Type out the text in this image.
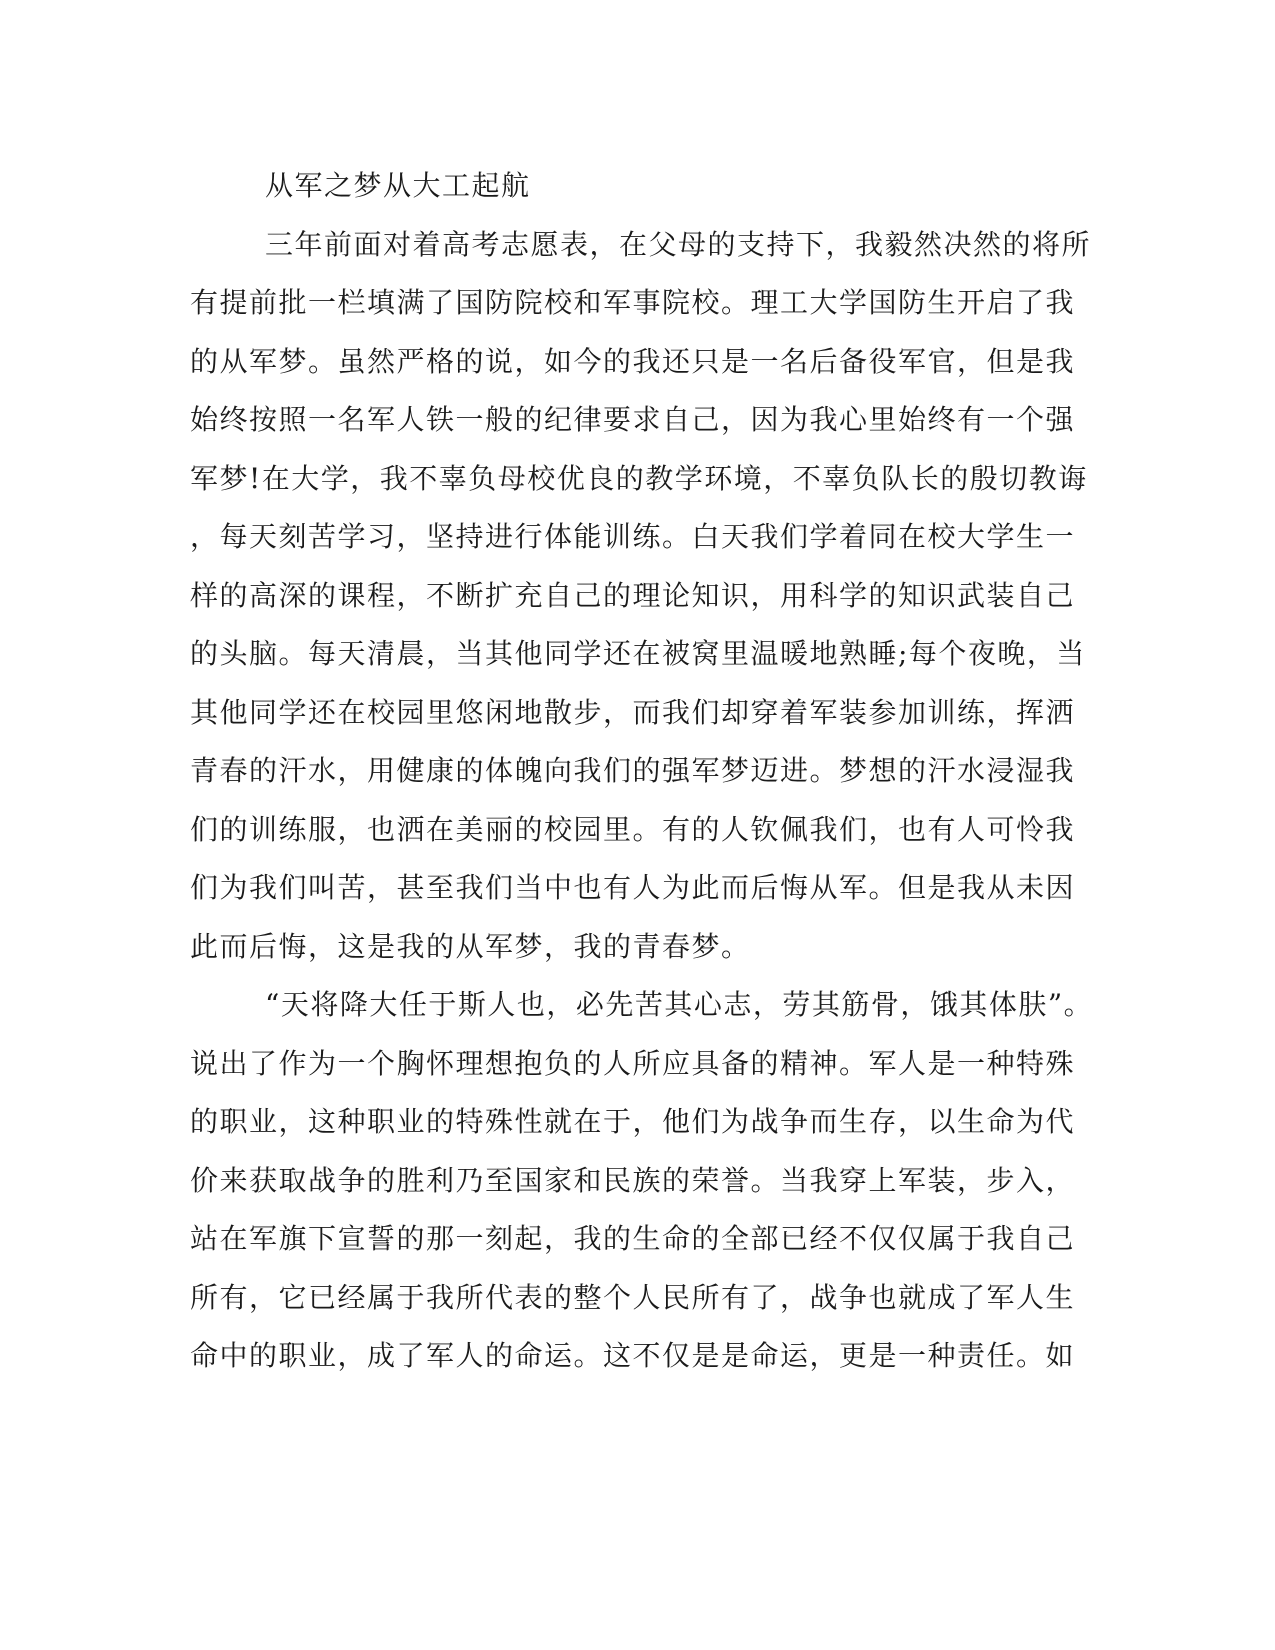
从军之梦从大工起航

三年前面对着高考志愿表，在父母的支持下，我毅然决然的将所

有提前批一栏填满了国防院校和军事院校。理工大学国防生开启了我

的从军梦。虽然严格的说，如今的我还只是一名后备役军官，但是我

始终按照一名军人铁一般的纪律要求自己，因为我心里始终有一个强

军梦!在大学，我不辜负母校优良的教学环境，不辜负队长的殷切教诲

，每天刻苦学习，坚持进行体能训练。白天我们学着同在校大学生一

样的高深的课程，不断扩充自己的理论知识，用科学的知识武装自己

的头脑。每天清晨，当其他同学还在被窝里温暖地熟睡;每个夜晚，当

其他同学还在校园里悠闲地散步，而我们却穿着军装参加训练，挥洒

青春的汗水，用健康的体魄向我们的强军梦迈进。梦想的汗水浸湿我

们的训练服，也洒在美丽的校园里。有的人钦佩我们，也有人可怜我

们为我们叫苦，甚至我们当中也有人为此而后悔从军。但是我从未因

此而后悔，这是我的从军梦，我的青春梦。

“天将降大任于斯人也，必先苦其心志，劳其筋骨，饿其体肤”。

说出了作为一个胸怀理想抱负的人所应具备的精神。军人是一种特殊

的职业，这种职业的特殊性就在于，他们为战争而生存，以生命为代

价来获取战争的胜利乃至国家和民族的荣誉。当我穿上军装，步入，

站在军旗下宣誓的那一刻起，我的生命的全部已经不仅仅属于我自己

所有，它已经属于我所代表的整个人民所有了，战争也就成了军人生

命中的职业，成了军人的命运。这不仅是是命运，更是一种责任。如
